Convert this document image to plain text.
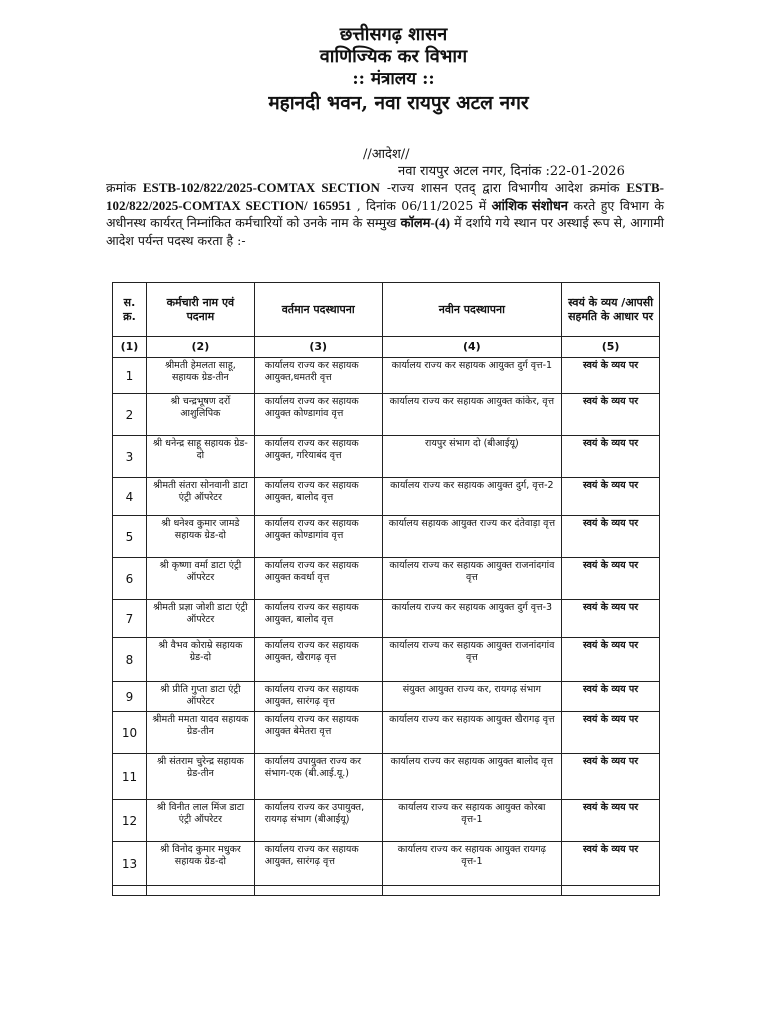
छत्तीसगढ़ शासन
वाणिज्यिक कर विभाग
:: मंत्रालय ::
महानदी भवन, नवा रायपुर अटल नगर
//आदेश//
नवा रायपुर अटल नगर, दिनांक :22-01-2026
क्रमांक ESTB-102/822/2025-COMTAX SECTION -राज्य शासन एतद् द्वारा विभागीय आदेश क्रमांक ESTB-102/822/2025-COMTAX SECTION/ 165951 , दिनांक 06/11/2025 में आंशिक संशोधन करते हुए विभाग के अधीनस्थ कार्यरत् निम्नांकित कर्मचारियों को उनके नाम के सम्मुख कॉलम-(4) में दर्शाये गये स्थान पर अस्थाई रूप से, आगामी आदेश पर्यन्त पदस्थ करता है :-
स. क्र.	कर्मचारी नाम एवं पदनाम	वर्तमान पदस्थापना	नवीन पदस्थापना	स्वयं के व्यय /आपसी सहमति के आधार पर
(1)	(2)	(3)	(4)	(5)
1	श्रीमती हेमलता साहू, सहायक ग्रेड-तीन	कार्यालय राज्य कर सहायक आयुक्त,धमतरी वृत्त	कार्यालय राज्य कर सहायक आयुक्त दुर्ग वृत्त-1	स्वयं के व्यय पर
2	श्री चन्द्रभूषण दर्रो आशुलिपिक	कार्यालय राज्य कर सहायक आयुक्त कोण्डागांव वृत्त	कार्यालय राज्य कर सहायक आयुक्त कांकेर, वृत्त	स्वयं के व्यय पर
3	श्री धनेन्द्र साहू सहायक ग्रेड-दो	कार्यालय राज्य कर सहायक आयुक्त, गरियाबंद वृत्त	रायपुर संभाग दो (बीआईयू)	स्वयं के व्यय पर
4	श्रीमती संतरा सोनवानी डाटा एंट्री ऑपरेटर	कार्यालय राज्य कर सहायक आयुक्त, बालोद वृत्त	कार्यालय राज्य कर सहायक आयुक्त दुर्ग, वृत्त-2	स्वयं के व्यय पर
5	श्री धनेश्व कुमार जामडे सहायक ग्रेड-दो	कार्यालय राज्य कर सहायक आयुक्त कोण्डागांव वृत्त	कार्यालय सहायक आयुक्त राज्य कर दंतेवाड़ा वृत्त	स्वयं के व्यय पर
6	श्री कृष्णा वर्मा डाटा एंट्री ऑपरेटर	कार्यालय राज्य कर सहायक आयुक्त कवर्धा वृत्त	कार्यालय राज्य कर सहायक आयुक्त राजनांदगांव वृत्त	स्वयं के व्यय पर
7	श्रीमती प्रज्ञा जोशी डाटा एंट्री ऑपरेटर	कार्यालय राज्य कर सहायक आयुक्त, बालोद वृत्त	कार्यालय राज्य कर सहायक आयुक्त दुर्ग वृत्त-3	स्वयं के व्यय पर
8	श्री वैभव कोराम्रे सहायक ग्रेड-दो	कार्यालय राज्य कर सहायक आयुक्त, खैरागढ़ वृत्त	कार्यालय राज्य कर सहायक आयुक्त राजनांदगांव वृत्त	स्वयं के व्यय पर
9	श्री प्रीति गुप्ता डाटा एंट्री ऑपरेटर	कार्यालय राज्य कर सहायक आयुक्त, सारंगढ़ वृत्त	संयुक्त आयुक्त राज्य कर, रायगढ़ संभाग	स्वयं के व्यय पर
10	श्रीमती ममता यादव सहायक ग्रेड-तीन	कार्यालय राज्य कर सहायक आयुक्त बेमेतरा वृत्त	कार्यालय राज्य कर सहायक आयुक्त खैरागढ़ वृत्त	स्वयं के व्यय पर
11	श्री संतराम चुरेन्द्र सहायक ग्रेड-तीन	कार्यालय उपायुक्त राज्य कर संभाग-एक (बी.आई.यू.)	कार्यालय राज्य कर सहायक आयुक्त बालोद वृत्त	स्वयं के व्यय पर
12	श्री विनीत लाल मिंज डाटा एंट्री ऑपरेटर	कार्यालय राज्य कर उपायुक्त, रायगढ़ संभाग (बीआईयू)	कार्यालय राज्य कर सहायक आयुक्त कोरबा वृत्त-1	स्वयं के व्यय पर
13	श्री विनोद कुमार मधुकर सहायक ग्रेड-दो	कार्यालय राज्य कर सहायक आयुक्त, सारंगढ़ वृत्त	कार्यालय राज्य कर सहायक आयुक्त रायगढ़ वृत्त-1	स्वयं के व्यय पर
